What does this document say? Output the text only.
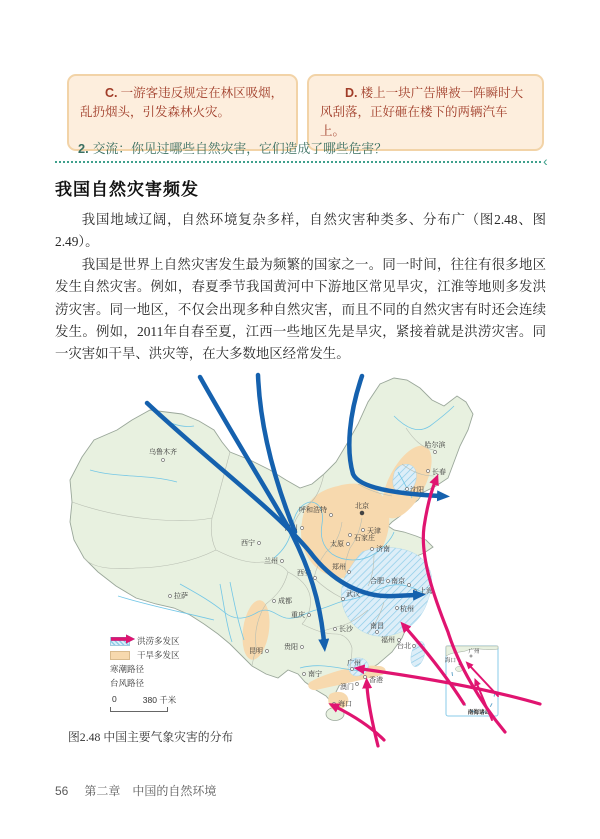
C. 一游客违反规定在林区吸烟，乱扔烟头，引发森林火灾。

D. 楼上一块广告牌被一阵瞬时大风刮落，正好砸在楼下的两辆汽车上。

2. 交流：你见过哪些自然灾害，它们造成了哪些危害？
‹
我国自然灾害频发

我国地域辽阔，自然环境复杂多样，自然灾害种类多、分布广（图2.48、图2.49）。

我国是世界上自然灾害发生最为频繁的国家之一。同一时间，往往有很多地区发生自然灾害。例如，春夏季节我国黄河中下游地区常见旱灾，江淮等地则多发洪涝灾害。同一地区，不仅会出现多种自然灾害，而且不同的自然灾害有时还会连续发生。例如，2011年自春至夏，江西一些地区先是旱灾，紧接着就是洪涝灾害。同一灾害如干旱、洪灾等，在大多数地区经常发生。

南海诸岛
乌鲁木齐
哈尔滨
长春
沈阳
呼和浩特
北京
银川	天津
石家庄
太原
济南
西宁
兰州
西安
郑州
合肥 南京
上海
杭州
武汉
成都
重庆
拉萨
长沙 南昌
福州
台北
贵阳
昆明
南宁
广州
香港
澳门
海口
广州
海口
洪涝多发区
干旱多发区
寒潮路径
台风路径
0	380 千米
图2.48 中国主要气象灾害的分布
56 第二章 中国的自然环境
